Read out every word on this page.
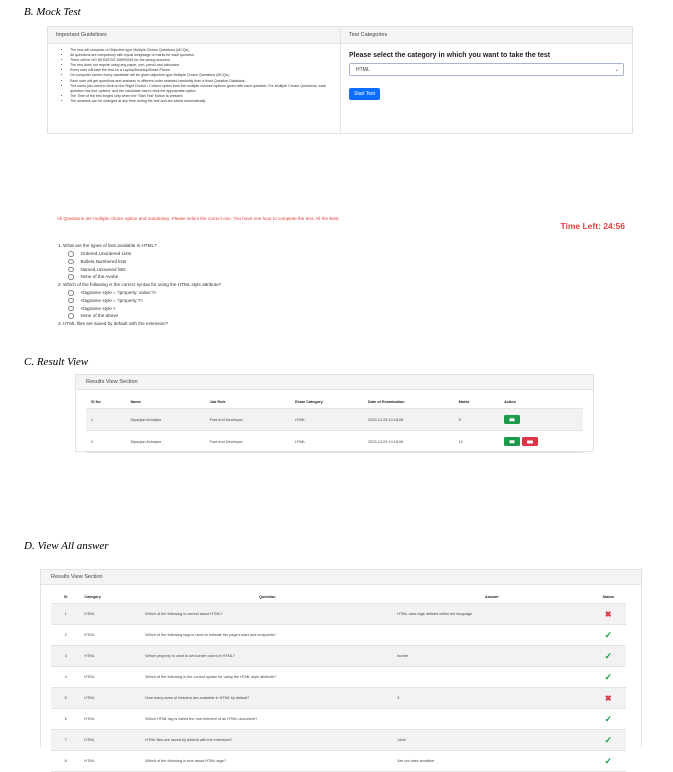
B. Mock Test
Important Guidelines
• The test will comprise of Objective type Multiple Choice Questions (MCQs).
• All questions are compulsory with equal weightage of marks for each question.
• There will be NO NEGATIVE MARKING for the wrong answers.
• The test does not require using any paper, pen, pencil and calculator.
• Every user will take the test on a Laptop/Desktop/Smart Phone.
• On computer screen every candidate will be given objective type Multiple Choice Questions (MCQs).
• Each user will get questions and answers in different order selected randomly from a fixed Question Databank.
• The users just need to click on the Right Choice / Correct option from the multiple choices /options given with each question. For Multiple Choice Questions, each question has four options, and the candidate has to click the appropriate option.
• The Time of the test begins only when the 'Start Test' button is pressed.
• The answers can be changed at any time during the test and are saved automatically.
Test Categories
Please select the category in which you want to take the test
HTML	⌄
Start Test
All Questions are multiple choice option and mandotary. Please select the correct one. You have one hour to complete the test. All the Best.
Time Left: 24:56
1. What are the types of lists available in HTML?
Ordered,Unordered Lists
Bullets,Numbered lists
Named,Unnamed lists
None of the Avobe
2. Which of the following is the correct syntax for using the HTML style attribute?
<tagname style = ?property: value;?>
<tagname style = ?property;?>
<tagname style >
None of the above
3. HTML files are saved by default with the extension?
C. Result View
Results View Section
Sl No	Name	Job Role	Exam Category	Date of Examination	Marks	Action
1	Dipanjan Acharjee	Font end Developer	HTML	2023-12-08 14:18:06	8	

2	Dipanjan Acharjee	Font end Developer	HTML	2023-12-09 14:18:06	14	
D. View All answer
Results View Section
Sl	Category	Question	Answer	Status
1	HTML	Which of the following is correct about HTML?	HTML uses tags defined within the language	✖
2	HTML	Which of the following tags is used to indicate the page's start and endpoints?		✓
3	HTML	Which property is used to set border colors in HTML?	border	✓
4	HTML	Which of the following is the correct syntax for using the HTML style attribute?		✓
5	HTML	How many sizes of headers are available in HTML by default?	3	✖
6	HTML	Which HTML tag is called the root element of an HTML document?		✓
7	HTML	HTML files are saved by default with the extension?	.html	✓
8	HTML	Which of the following is true about HTML tags?	Are not case sensitive	✓
